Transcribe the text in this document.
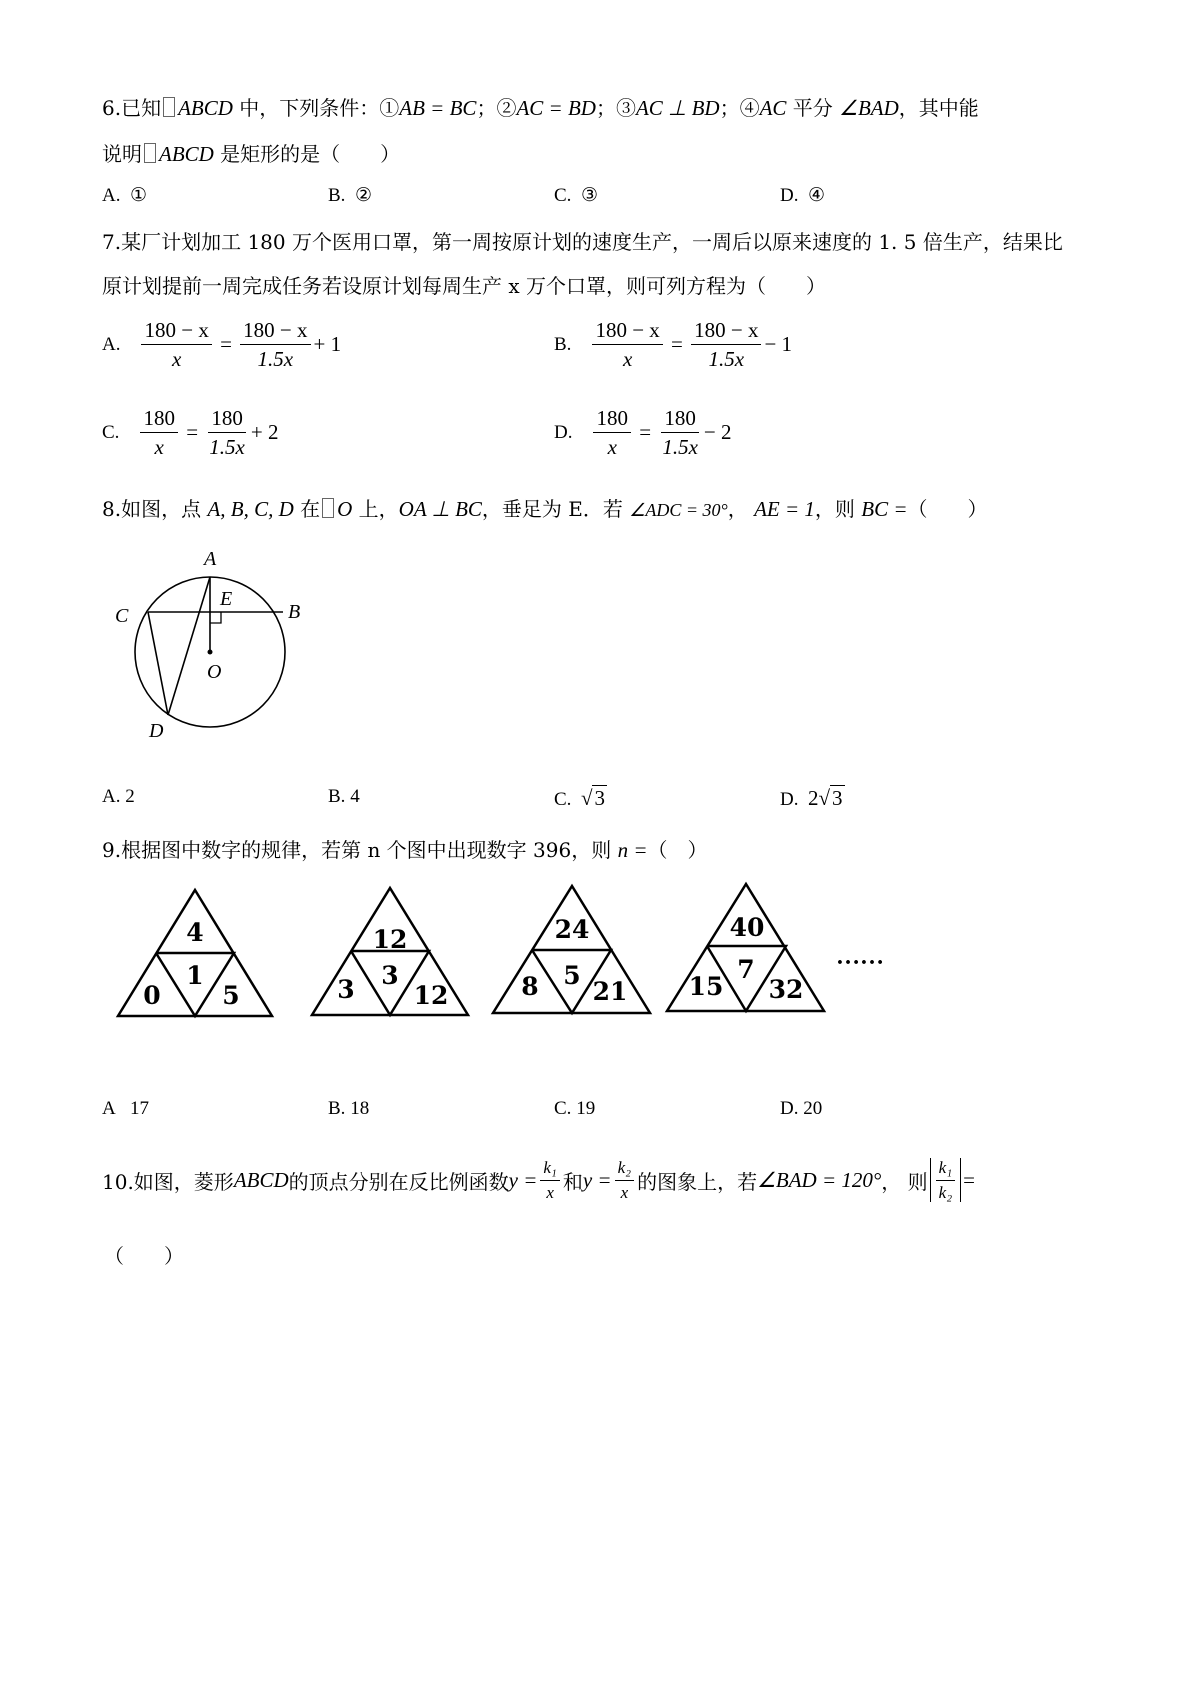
6.已知 ABCD 中，下列条件：①AB = BC；②AC = BD；③AC ⊥ BD；④AC 平分 ∠BAD，其中能
说明 ABCD 是矩形的是（　　）
A. ①	B. ②	C. ③	D. ④
7.某厂计划加工 180 万个医用口罩，第一周按原计划的速度生产，一周后以原来速度的 1. 5 倍生产，结果比
原计划提前一周完成任务若设原计划每周生产 x 万个口罩，则可列方程为（　　）
A. $\frac{180 - x}{x} = \frac{180 - x}{1.5x} + 1$	B. $\frac{180 - x}{x} = \frac{180 - x}{1.5x} - 1$
C. $\frac{180}{x} = \frac{180}{1.5x} + 2$	D. $\frac{180}{x} = \frac{180}{1.5x} - 2$
8.如图，点 A, B, C, D 在 O 上，OA ⊥ BC，垂足为 E．若 ∠ADC = 30°， AE = 1，则 BC =（　　）
A
B
C
D
E
O
A. 2	B. 4	C. √3	D. 2√3
9.根据图中数字的规律，若第 n 个图中出现数字 396，则 n =（　）
4
1
0 5
12
3
3 12
24
5
8 21
40
7
15 32
……
A 17	B. 18	C. 19	D. 20
10.如图，菱形 ABCD 的顶点分别在反比例函数 $y = \frac{\text{k₁}}{x}$ 和 $y = \frac{\text{k₂}}{x}$ 的图象上，若 ∠BAD = 120° ， 则 $\frac{\text{k₁}}{\text{k₂}}$ =
（　　）
